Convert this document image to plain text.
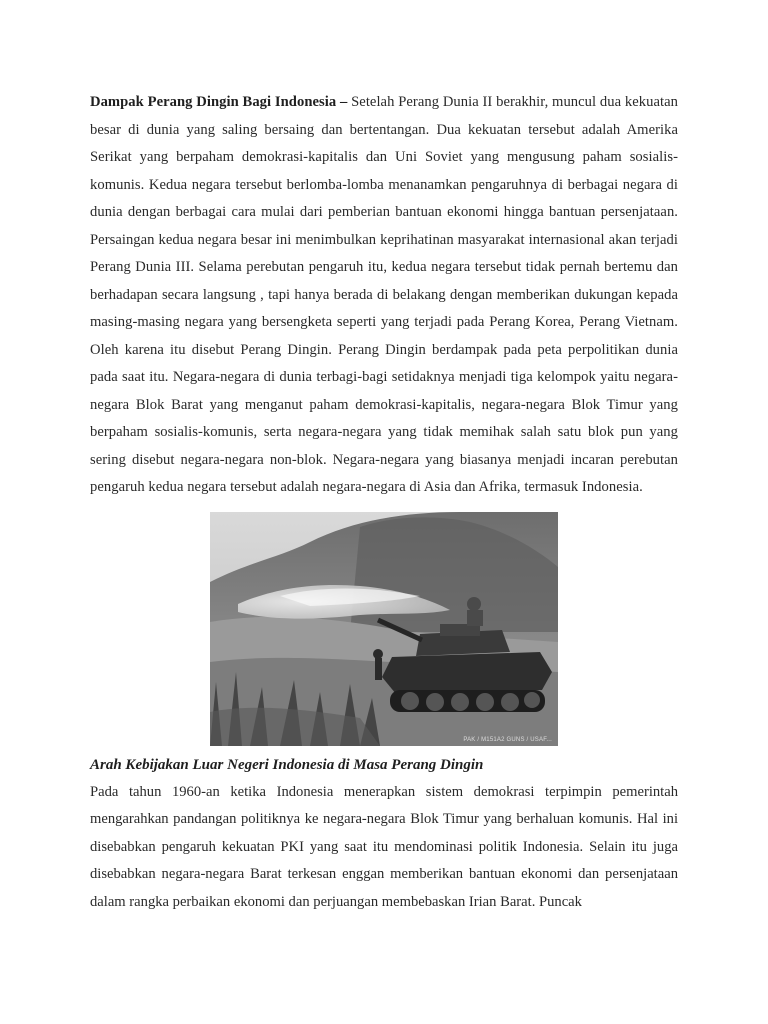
Dampak Perang Dingin Bagi Indonesia – Setelah Perang Dunia II berakhir, muncul dua kekuatan besar di dunia yang saling bersaing dan bertentangan. Dua kekuatan tersebut adalah Amerika Serikat yang berpaham demokrasi-kapitalis dan Uni Soviet yang mengusung paham sosialis-komunis. Kedua negara tersebut berlomba-lomba menanamkan pengaruhnya di berbagai negara di dunia dengan berbagai cara mulai dari pemberian bantuan ekonomi hingga bantuan persenjataan. Persaingan kedua negara besar ini menimbulkan keprihatinan masyarakat internasional akan terjadi Perang Dunia III. Selama perebutan pengaruh itu, kedua negara tersebut tidak pernah bertemu dan berhadapan secara langsung , tapi hanya berada di belakang dengan memberikan dukungan kepada masing-masing negara yang bersengketa seperti yang terjadi pada Perang Korea, Perang Vietnam. Oleh karena itu disebut Perang Dingin. Perang Dingin berdampak pada peta perpolitikan dunia pada saat itu. Negara-negara di dunia terbagi-bagi setidaknya menjadi tiga kelompok yaitu negara-negara Blok Barat yang menganut paham demokrasi-kapitalis, negara-negara Blok Timur yang berpaham sosialis-komunis, serta negara-negara yang tidak memihak salah satu blok pun yang sering disebut negara-negara non-blok. Negara-negara yang biasanya menjadi incaran perebutan pengaruh kedua negara tersebut adalah negara-negara di Asia dan Afrika, termasuk Indonesia.

PAK / M151A2 GUNS / USAF...
Arah Kebijakan Luar Negeri Indonesia di Masa Perang Dingin

Pada tahun 1960-an ketika Indonesia menerapkan sistem demokrasi terpimpin pemerintah mengarahkan pandangan politiknya ke negara-negara Blok Timur yang berhaluan komunis. Hal ini disebabkan pengaruh kekuatan PKI yang saat itu mendominasi politik Indonesia. Selain itu juga disebabkan negara-negara Barat terkesan enggan memberikan bantuan ekonomi dan persenjataan dalam rangka perbaikan ekonomi dan perjuangan membebaskan Irian Barat. Puncak
